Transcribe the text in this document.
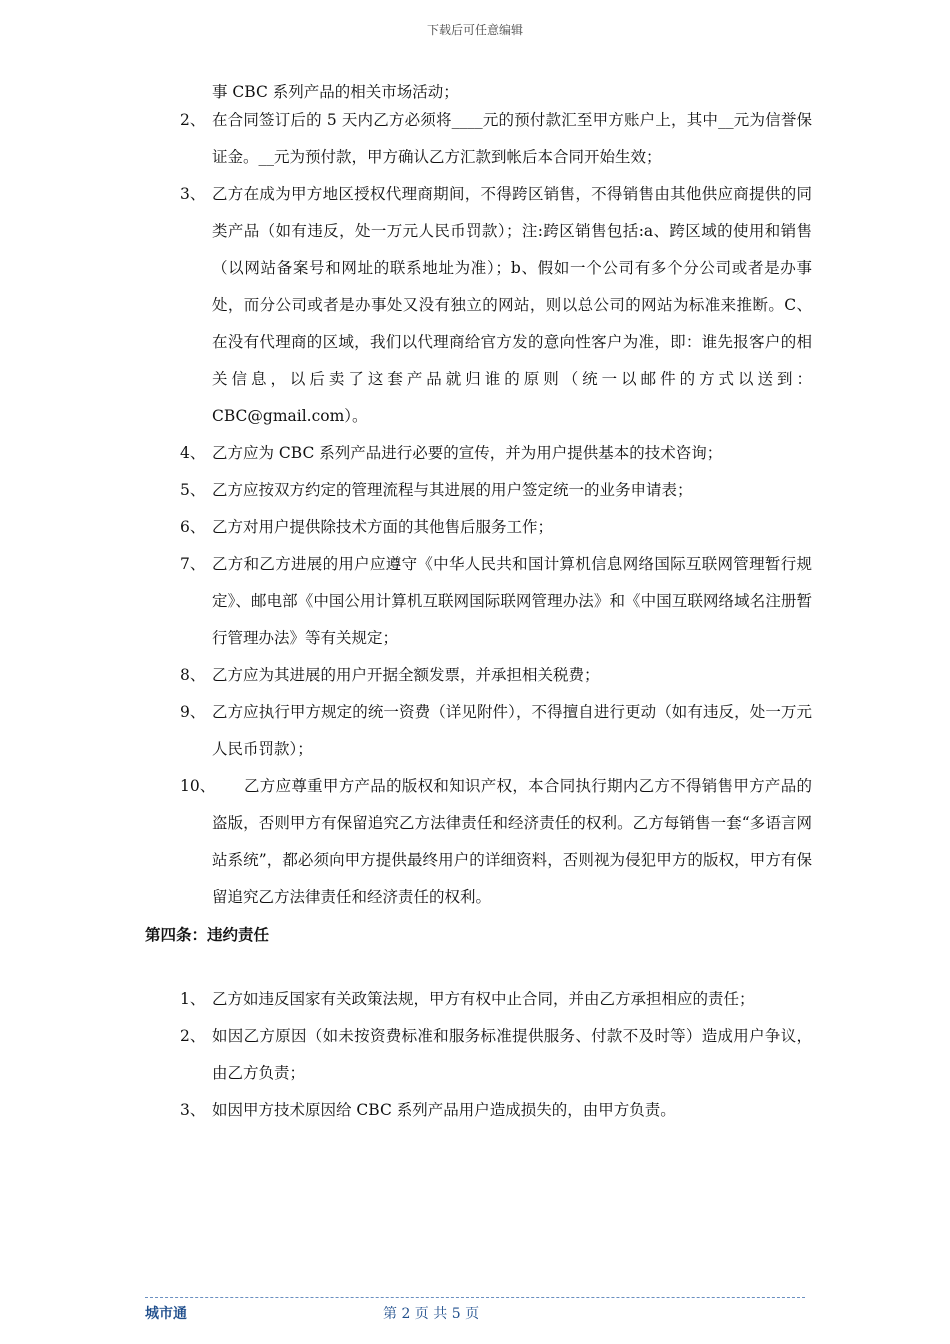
下载后可任意编辑
事 CBC 系列产品的相关市场活动；
2、 在合同签订后的 5 天内乙方必须将____元的预付款汇至甲方账户上，其中__元为信誉保证金。__元为预付款，甲方确认乙方汇款到帐后本合同开始生效；
3、 乙方在成为甲方地区授权代理商期间，不得跨区销售，不得销售由其他供应商提供的同类产品（如有违反，处一万元人民币罚款）；注:跨区销售包括:a、跨区域的使用和销售（以网站备案号和网址的联系地址为准）；b、假如一个公司有多个分公司或者是办事处，而分公司或者是办事处又没有独立的网站，则以总公司的网站为标准来推断。C、在没有代理商的区域，我们以代理商给官方发的意向性客户为准，即：谁先报客户的相关信息，以后卖了这套产品就归谁的原则（统一以邮件的方式以送到：CBC@gmail.com）。
4、 乙方应为 CBC 系列产品进行必要的宣传，并为用户提供基本的技术咨询；
5、 乙方应按双方约定的管理流程与其进展的用户签定统一的业务申请表；
6、 乙方对用户提供除技术方面的其他售后服务工作；
7、 乙方和乙方进展的用户应遵守《中华人民共和国计算机信息网络国际互联网管理暂行规定》、邮电部《中国公用计算机互联网国际联网管理办法》和《中国互联网络域名注册暂行管理办法》等有关规定；
8、 乙方应为其进展的用户开据全额发票，并承担相关税费；
9、 乙方应执行甲方规定的统一资费（详见附件），不得擅自进行更动（如有违反，处一万元人民币罚款）；
10、	乙方应尊重甲方产品的版权和知识产权，本合同执行期内乙方不得销售甲方产品的盗版，否则甲方有保留追究乙方法律责任和经济责任的权利。乙方每销售一套“多语言网站系统”，都必须向甲方提供最终用户的详细资料，否则视为侵犯甲方的版权，甲方有保留追究乙方法律责任和经济责任的权利。
第四条：违约责任
1、 乙方如违反国家有关政策法规，甲方有权中止合同，并由乙方承担相应的责任；
2、 如因乙方原因（如未按资费标准和服务标准提供服务、付款不及时等）造成用户争议，由乙方负责；
3、 如因甲方技术原因给 CBC 系列产品用户造成损失的，由甲方负责。
城市通	第 2 页 共 5 页
